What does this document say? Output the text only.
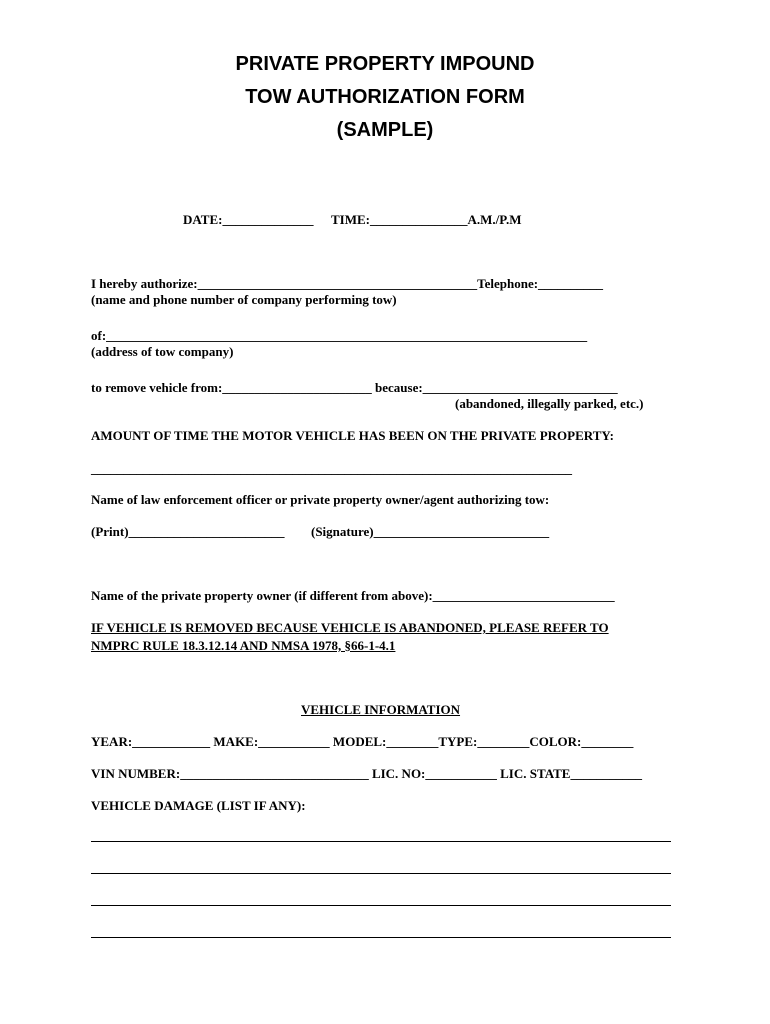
PRIVATE PROPERTY IMPOUND
TOW AUTHORIZATION FORM
(SAMPLE)
DATE:______________ TIME:_______________A.M./P.M
I hereby authorize:___________________________________________Telephone:__________
(name and phone number of company performing tow)
of:__________________________________________________________________________
(address of tow company)
to remove vehicle from:_______________________ because:______________________________
(abandoned, illegally parked, etc.)
AMOUNT OF TIME THE MOTOR VEHICLE HAS BEEN ON THE PRIVATE PROPERTY:
__________________________________________________________________________
Name of law enforcement officer or private property owner/agent authorizing tow:
(Print)________________________ (Signature)___________________________
Name of the private property owner (if different from above):____________________________
IF VEHICLE IS REMOVED BECAUSE VEHICLE IS ABANDONED, PLEASE REFER TO
NMPRC RULE 18.3.12.14 AND NMSA 1978, §66-1-4.1
VEHICLE INFORMATION
YEAR:____________ MAKE:___________ MODEL:________TYPE:________COLOR:________
VIN NUMBER:_____________________________ LIC. NO:___________ LIC. STATE___________
VEHICLE DAMAGE (LIST IF ANY):
